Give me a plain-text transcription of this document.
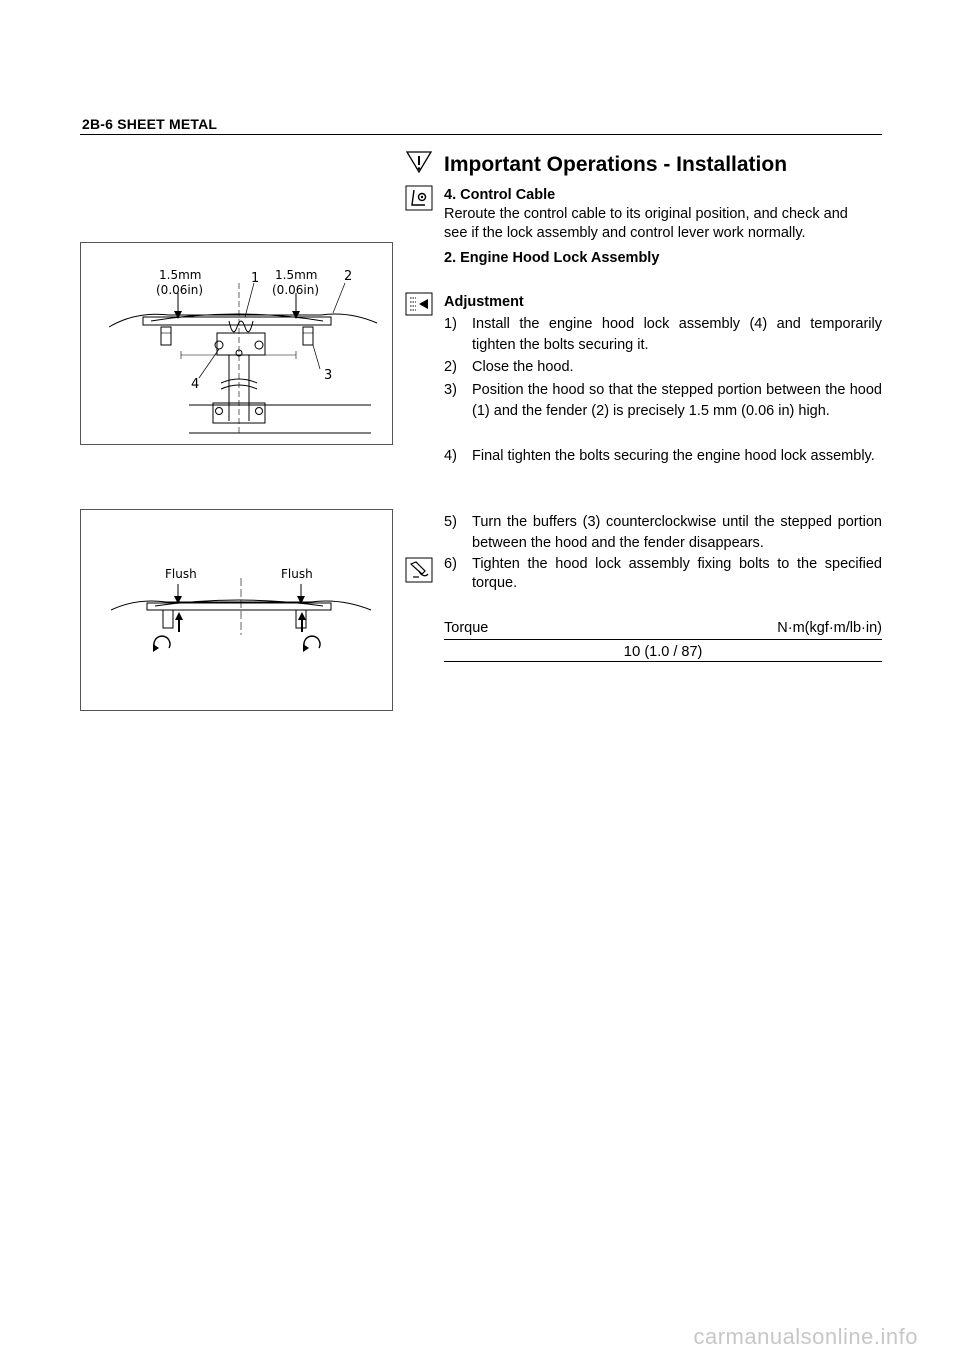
2B-6 SHEET METAL
Important Operations - Installation
4. Control Cable
Reroute the control cable to its original position, and check and
see if the lock assembly and control lever work normally.
2. Engine Hood Lock Assembly
Adjustment
1) Install the engine hood lock assembly (4) and temporarily tighten the bolts securing it.
2) Close the hood.
3) Position the hood so that the stepped portion between the hood (1) and the fender (2) is precisely 1.5 mm (0.06 in) high.
4) Final tighten the bolts securing the engine hood lock assembly.
5) Turn the buffers (3) counterclockwise until the stepped portion between the hood and the fender disappears.
6) Tighten the hood lock assembly fixing bolts to the specified torque.
Torque	N·m(kgf·m/lb·in)
10 (1.0 / 87)
1.5mm
(0.06in)
1.5mm
(0.06in)
1	2
3
4
Flush	Flush
carmanualsonline.info
